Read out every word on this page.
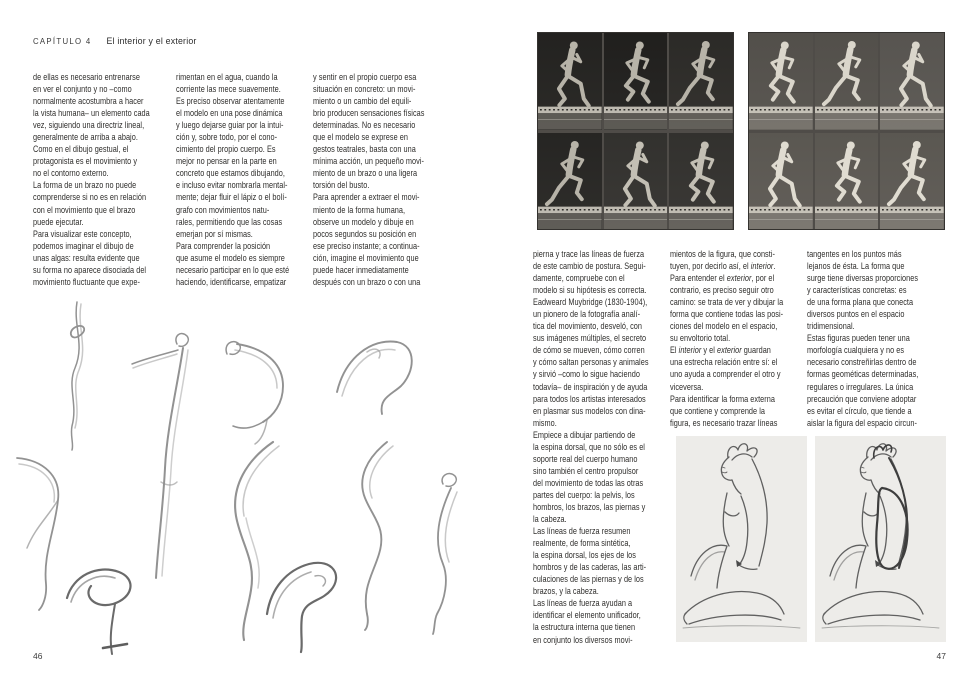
CAPÍTULO 4 El interior y el exterior
de ellas es necesario entrenarse
en ver el conjunto y no –como
normalmente acostumbra a hacer
la vista humana– un elemento cada
vez, siguiendo una directriz lineal,
generalmente de arriba a abajo.
Como en el dibujo gestual, el
protagonista es el movimiento y
no el contorno externo.
La forma de un brazo no puede
comprenderse si no es en relación
con el movimiento que el brazo
puede ejecutar.
Para visualizar este concepto,
podemos imaginar el dibujo de
unas algas: resulta evidente que
su forma no aparece disociada del
movimiento fluctuante que expe-
rimentan en el agua, cuando la
corriente las mece suavemente.
Es preciso observar atentamente
el modelo en una pose dinámica
y luego dejarse guiar por la intui-
ción y, sobre todo, por el cono-
cimiento del propio cuerpo. Es
mejor no pensar en la parte en
concreto que estamos dibujando,
e incluso evitar nombrarla mental-
mente; dejar fluir el lápiz o el bolí-
grafo con movimientos natu-
rales, permitiendo que las cosas
emerjan por sí mismas.
Para comprender la posición
que asume el modelo es siempre
necesario participar en lo que esté
haciendo, identificarse, empatizar
y sentir en el propio cuerpo esa
situación en concreto: un movi-
miento o un cambio del equili-
brio producen sensaciones físicas
determinadas. No es necesario
que el modelo se exprese en
gestos teatrales, basta con una
mínima acción, un pequeño movi-
miento de un brazo o una ligera
torsión del busto.
Para aprender a extraer el movi-
miento de la forma humana,
observe un modelo y dibuje en
pocos segundos su posición en
ese preciso instante; a continua-
ción, imagine el movimiento que
puede hacer inmediatamente
después con un brazo o con una
pierna y trace las líneas de fuerza
de este cambio de postura. Segui-
damente, compruebe con el
modelo si su hipótesis es correcta.
Eadweard Muybridge (1830-1904),
un pionero de la fotografía analí-
tica del movimiento, desveló, con
sus imágenes múltiples, el secreto
de cómo se mueven, cómo corren
y cómo saltan personas y animales
y sirvió –como lo sigue haciendo
todavía– de inspiración y de ayuda
para todos los artistas interesados
en plasmar sus modelos con dina-
mismo.
Empiece a dibujar partiendo de
la espina dorsal, que no sólo es el
soporte real del cuerpo humano
sino también el centro propulsor
del movimiento de todas las otras
partes del cuerpo: la pelvis, los
hombros, los brazos, las piernas y
la cabeza.
Las líneas de fuerza resumen
realmente, de forma sintética,
la espina dorsal, los ejes de los
hombros y de las caderas, las arti-
culaciones de las piernas y de los
brazos, y la cabeza.
Las líneas de fuerza ayudan a
identificar el elemento unificador,
la estructura interna que tienen
en conjunto los diversos movi-
mientos de la figura, que consti-
tuyen, por decirlo así, el interior.
Para entender el exterior, por el
contrario, es preciso seguir otro
camino: se trata de ver y dibujar la
forma que contiene todas las posi-
ciones del modelo en el espacio,
su envoltorio total.
El interior y el exterior guardan
una estrecha relación entre sí: el
uno ayuda a comprender el otro y
viceversa.
Para identificar la forma externa
que contiene y comprende la
figura, es necesario trazar líneas
tangentes en los puntos más
lejanos de ésta. La forma que
surge tiene diversas proporciones
y características concretas: es
de una forma plana que conecta
diversos puntos en el espacio
tridimensional.
Estas figuras pueden tener una
morfología cualquiera y no es
necesario constreñirlas dentro de
formas geométicas determinadas,
regulares o irregulares. La única
precaución que conviene adoptar
es evitar el círculo, que tiende a
aislar la figura del espacio circun-
46	47
